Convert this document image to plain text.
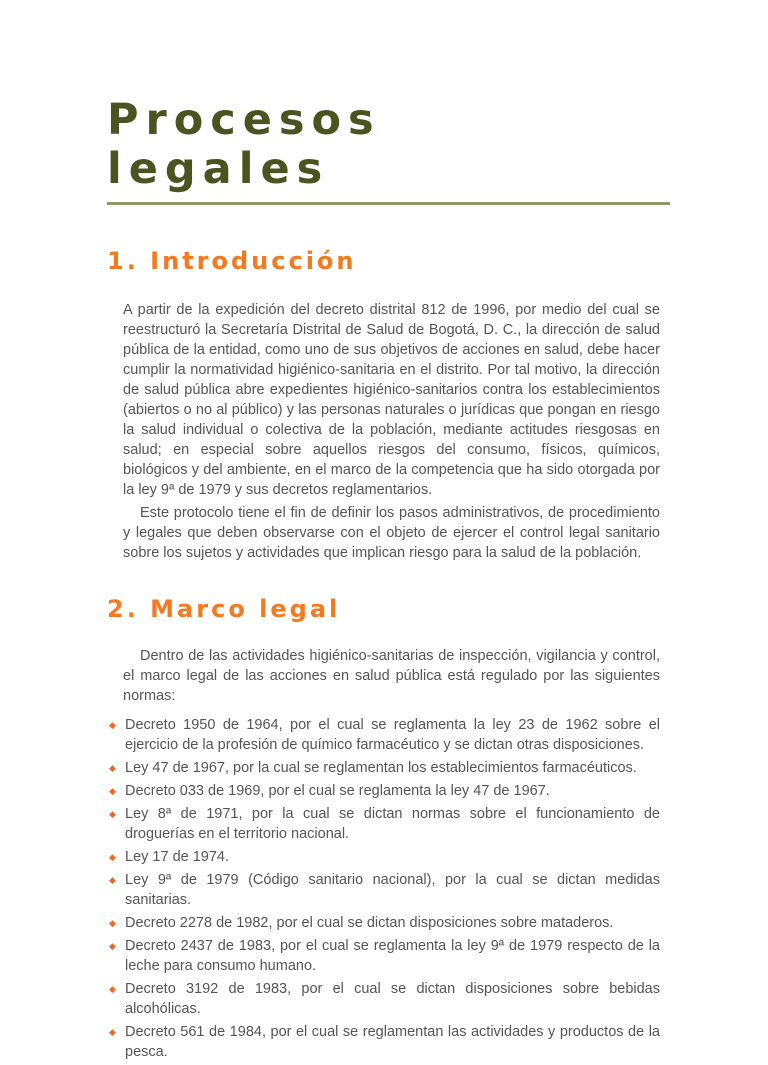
Procesos
legales
1. Introducción

A partir de la expedición del decreto distrital 812 de 1996, por medio del cual se reestructuró la Secretaría Distrital de Salud de Bogotá, D. C., la dirección de salud pública de la entidad, como uno de sus objetivos de acciones en salud, debe hacer cumplir la normatividad higiénico-sanitaria en el distrito. Por tal motivo, la dirección de salud pública abre expedientes higiénico-sanitarios contra los establecimientos (abiertos o no al público) y las personas naturales o jurídicas que pongan en riesgo la salud individual o colectiva de la población, mediante actitudes riesgosas en salud; en especial sobre aquellos riesgos del consumo, físicos, químicos, biológicos y del ambiente, en el marco de la competencia que ha sido otorgada por la ley 9ª de 1979 y sus decretos reglamentarios.

Este protocolo tiene el fin de definir los pasos administrativos, de procedimiento y legales que deben observarse con el objeto de ejercer el control legal sanitario sobre los sujetos y actividades que implican riesgo para la salud de la población.

2. Marco legal

Dentro de las actividades higiénico-sanitarias de inspección, vigilancia y control, el marco legal de las acciones en salud pública está regulado por las siguientes normas:

◆ Decreto 1950 de 1964, por el cual se reglamenta la ley 23 de 1962 sobre el ejercicio de la profesión de químico farmacéutico y se dictan otras disposiciones.
◆ Ley 47 de 1967, por la cual se reglamentan los establecimientos farmacéuticos.
◆ Decreto 033 de 1969, por el cual se reglamenta la ley 47 de 1967.
◆ Ley 8ª de 1971, por la cual se dictan normas sobre el funcionamiento de droguerías en el territorio nacional.
◆ Ley 17 de 1974.
◆ Ley 9ª de 1979 (Código sanitario nacional), por la cual se dictan medidas sanitarias.
◆ Decreto 2278 de 1982, por el cual se dictan disposiciones sobre mataderos.
◆ Decreto 2437 de 1983, por el cual se reglamenta la ley 9ª de 1979 respecto de la leche para consumo humano.
◆ Decreto 3192 de 1983, por el cual se dictan disposiciones sobre bebidas alcohólicas.
◆ Decreto 561 de 1984, por el cual se reglamentan las actividades y productos de la pesca.
